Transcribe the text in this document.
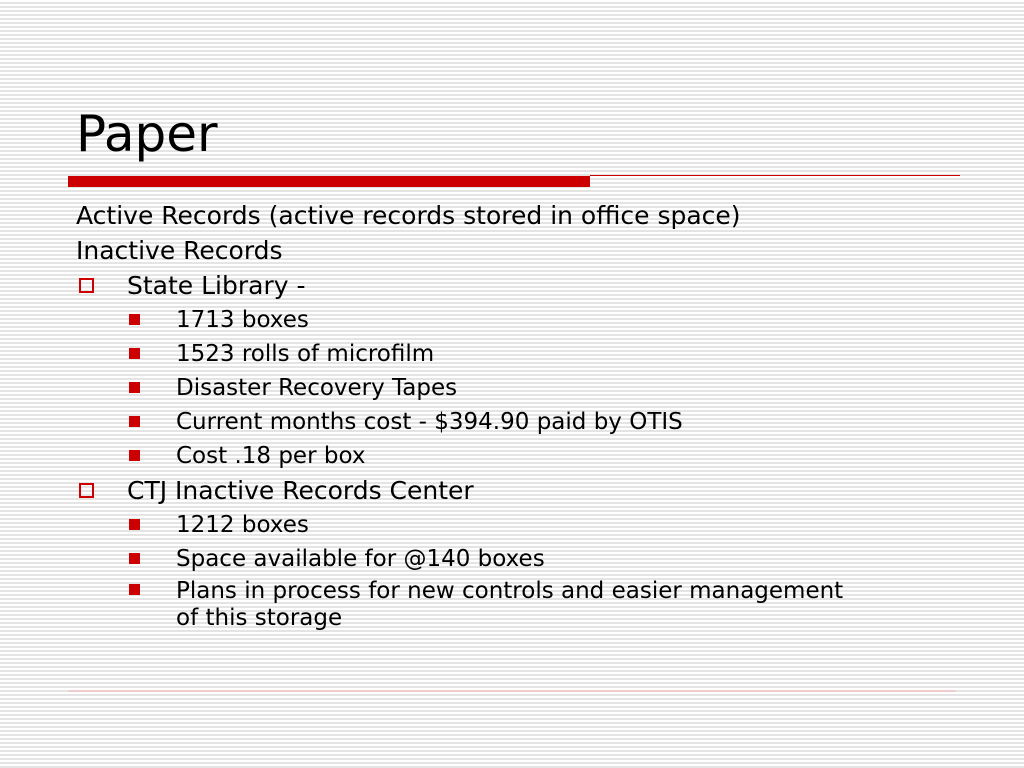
Paper
Active Records (active records stored in office space)
Inactive Records
State Library -
1713 boxes
1523 rolls of microfilm
Disaster Recovery Tapes
Current months cost - $394.90 paid by OTIS
Cost .18 per box
CTJ Inactive Records Center
1212 boxes
Space available for @140 boxes
Plans in process for new controls and easier management of this storage
